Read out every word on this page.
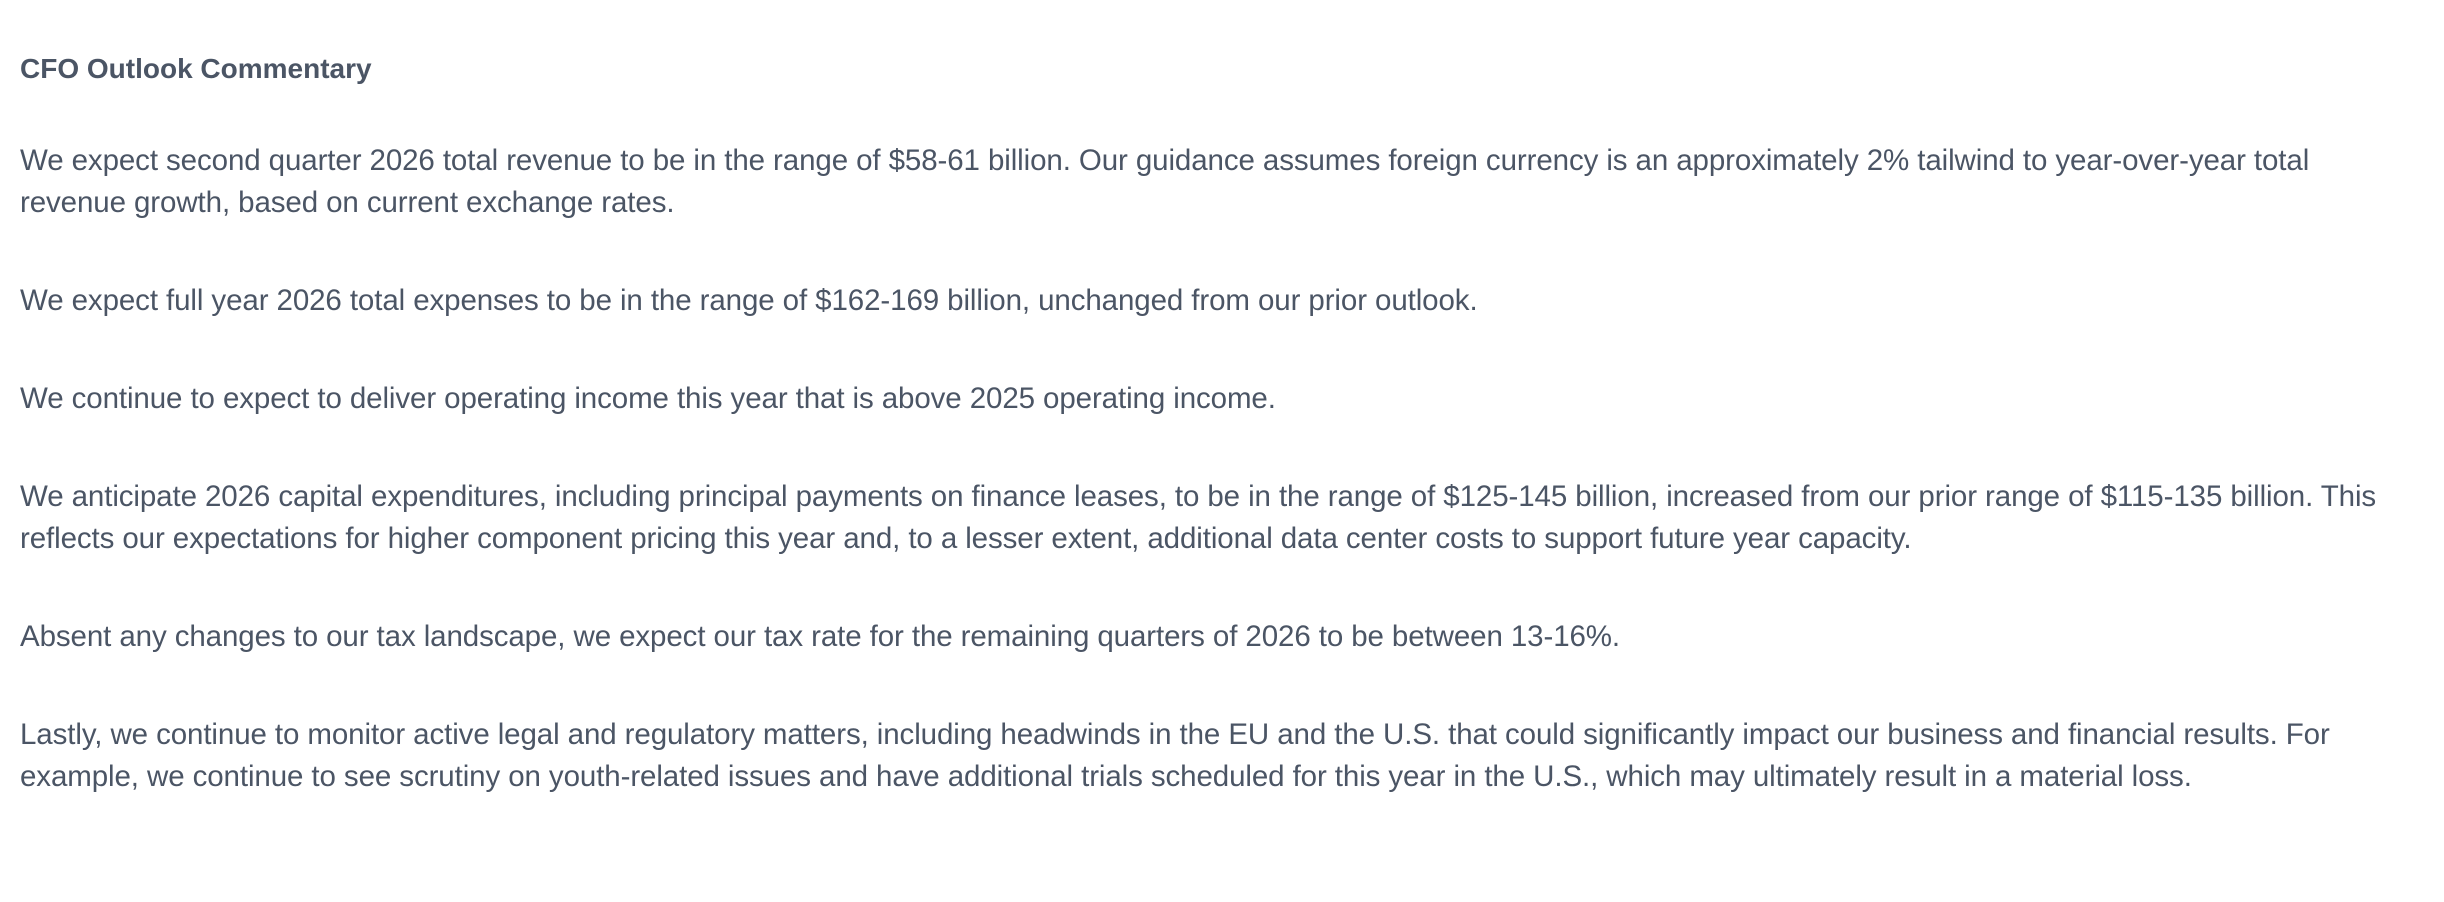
CFO Outlook Commentary

We expect second quarter 2026 total revenue to be in the range of $58-61 billion. Our guidance assumes foreign currency is an approximately 2% tailwind to year-over-year total revenue growth, based on current exchange rates.

We expect full year 2026 total expenses to be in the range of $162-169 billion, unchanged from our prior outlook.

We continue to expect to deliver operating income this year that is above 2025 operating income.

We anticipate 2026 capital expenditures, including principal payments on finance leases, to be in the range of $125-145 billion, increased from our prior range of $115-135 billion. This reflects our expectations for higher component pricing this year and, to a lesser extent, additional data center costs to support future year capacity.

Absent any changes to our tax landscape, we expect our tax rate for the remaining quarters of 2026 to be between 13-16%.

Lastly, we continue to monitor active legal and regulatory matters, including headwinds in the EU and the U.S. that could significantly impact our business and financial results. For example, we continue to see scrutiny on youth-related issues and have additional trials scheduled for this year in the U.S., which may ultimately result in a material loss.
